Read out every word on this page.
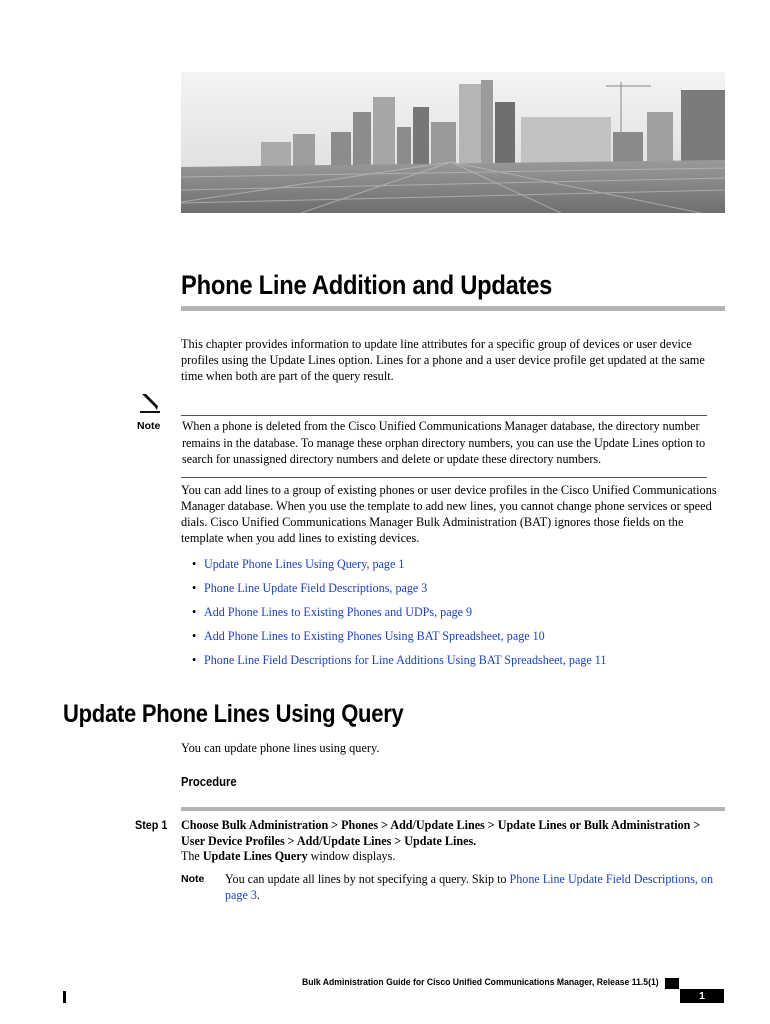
Phone Line Addition and Updates
This chapter provides information to update line attributes for a specific group of devices or user device profiles using the Update Lines option. Lines for a phone and a user device profile get updated at the same time when both are part of the query result.
Note When a phone is deleted from the Cisco Unified Communications Manager database, the directory number remains in the database. To manage these orphan directory numbers, you can use the Update Lines option to search for unassigned directory numbers and delete or update these directory numbers.
You can add lines to a group of existing phones or user device profiles in the Cisco Unified Communications Manager database. When you use the template to add new lines, you cannot change phone services or speed dials. Cisco Unified Communications Manager Bulk Administration (BAT) ignores those fields on the template when you add lines to existing devices.
• Update Phone Lines Using Query, page 1
• Phone Line Update Field Descriptions, page 3
• Add Phone Lines to Existing Phones and UDPs, page 9
• Add Phone Lines to Existing Phones Using BAT Spreadsheet, page 10
• Phone Line Field Descriptions for Line Additions Using BAT Spreadsheet, page 11
Update Phone Lines Using Query
You can update phone lines using query.
Procedure
Step 1 Choose Bulk Administration > Phones > Add/Update Lines > Update Lines or Bulk Administration >
User Device Profiles > Add/Update Lines > Update Lines.
The Update Lines Query window displays.
Note You can update all lines by not specifying a query. Skip to Phone Line Update Field Descriptions, on page 3.
Bulk Administration Guide for Cisco Unified Communications Manager, Release 11.5(1)
1
